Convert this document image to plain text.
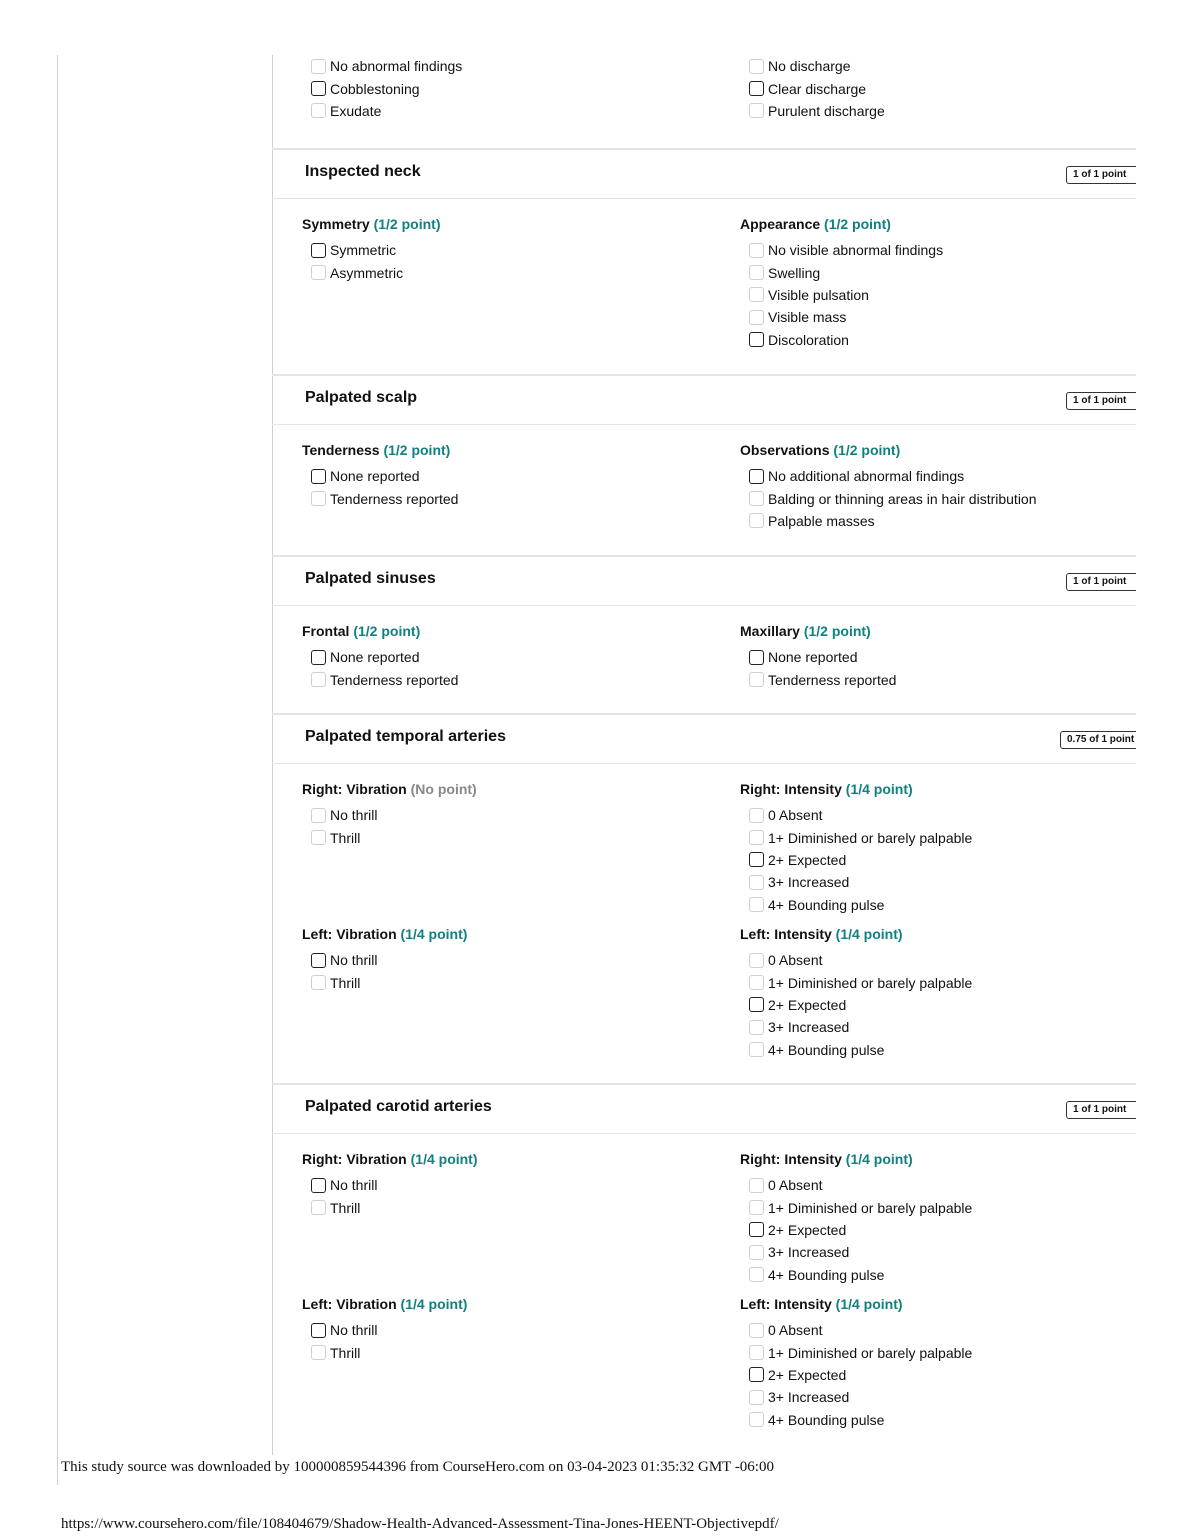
No abnormal findings
Cobblestoning
Exudate
No discharge
Clear discharge
Purulent discharge
Inspected neck	1 of 1 point
Symmetry (1/2 point)
Symmetric
Asymmetric
Appearance (1/2 point)
No visible abnormal findings
Swelling
Visible pulsation
Visible mass
Discoloration
Palpated scalp	1 of 1 point
Tenderness (1/2 point)
None reported
Tenderness reported
Observations (1/2 point)
No additional abnormal findings
Balding or thinning areas in hair distribution
Palpable masses
Palpated sinuses	1 of 1 point
Frontal (1/2 point)
None reported
Tenderness reported
Maxillary (1/2 point)
None reported
Tenderness reported
Palpated temporal arteries	0.75 of 1 point
Right: Vibration (No point)
No thrill
Thrill
Right: Intensity (1/4 point)
0 Absent
1+ Diminished or barely palpable
2+ Expected
3+ Increased
4+ Bounding pulse
Left: Vibration (1/4 point)
No thrill
Thrill
Left: Intensity (1/4 point)
0 Absent
1+ Diminished or barely palpable
2+ Expected
3+ Increased
4+ Bounding pulse
Palpated carotid arteries	1 of 1 point
Right: Vibration (1/4 point)
No thrill
Thrill
Right: Intensity (1/4 point)
0 Absent
1+ Diminished or barely palpable
2+ Expected
3+ Increased
4+ Bounding pulse
Left: Vibration (1/4 point)
No thrill
Thrill
Left: Intensity (1/4 point)
0 Absent
1+ Diminished or barely palpable
2+ Expected
3+ Increased
4+ Bounding pulse
This study source was downloaded by 100000859544396 from CourseHero.com on 03-04-2023 01:35:32 GMT -06:00
https://www.coursehero.com/file/108404679/Shadow-Health-Advanced-Assessment-Tina-Jones-HEENT-Objectivepdf/
